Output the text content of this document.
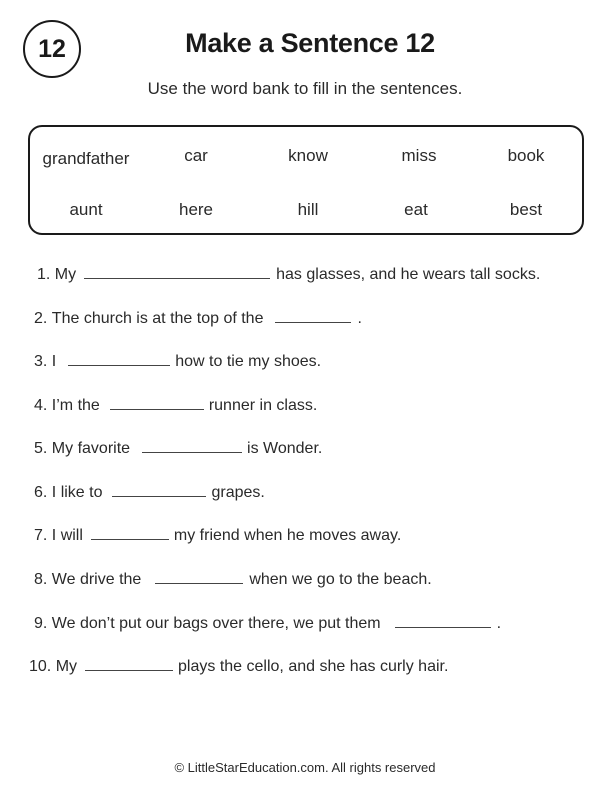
12	Make a Sentence 12
Use the word bank to fill in the sentences.
grandfather	car	know	miss	book
aunt	here	hill	eat	best
1.
My	has glasses, and he wears tall socks.
2.
The church is at the top of the	.
3.
I	how to tie my shoes.
4.
I’m the	runner in class.
5.
My favorite	is Wonder.
6.
I like to	grapes.
7.
I will	my friend when he moves away.
8.
We drive the	when we go to the beach.
9.
We don’t put our bags over there, we put them	.
10.
My	plays the cello, and she has curly hair.
© LittleStarEducation.com. All rights reserved
